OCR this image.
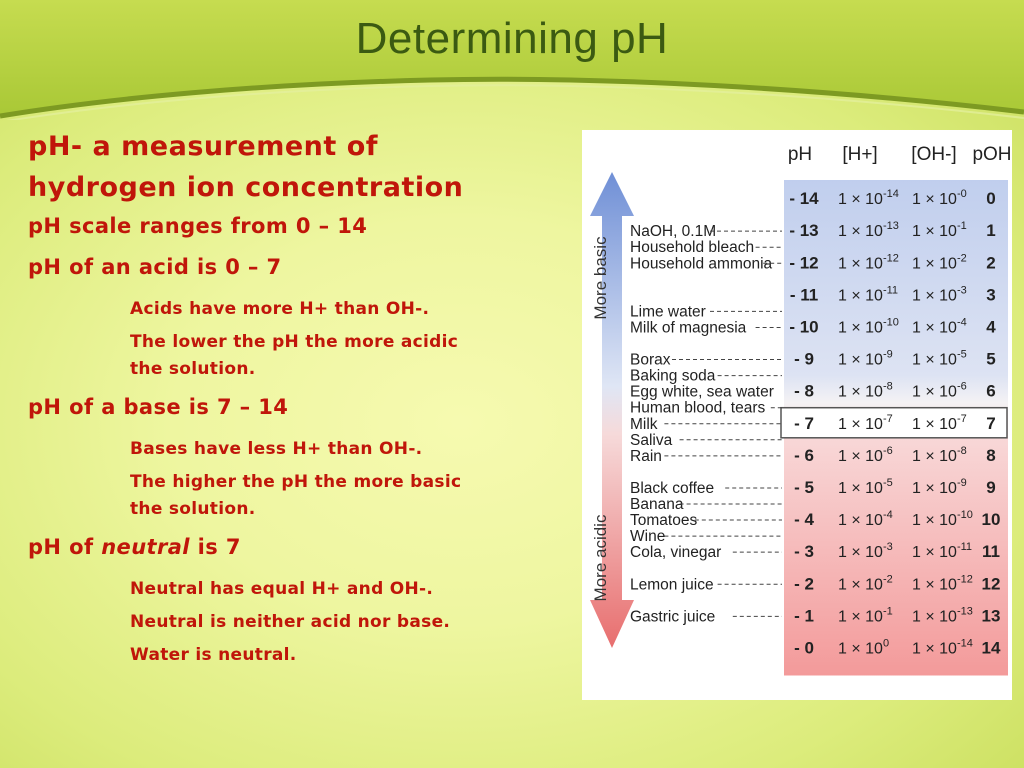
Determining pH
pH- a measurement of
hydrogen ion concentration
pH scale ranges from 0 – 14
pH of an acid is 0 – 7
Acids have more H+ than OH-.
The lower the pH the more acidic the solution.
pH of a base is 7 – 14
Bases have less H+ than OH-.
The higher the pH the more basic the solution.
pH of neutral is 7
Neutral has equal H+ and OH-.
Neutral is neither acid nor base.
Water is neutral.
pH [H+] [OH-] pOH
More basic
More acidic
- 14 $1 \times 10^{-14}$ $1 \times 10^{-0}$ 0
- 13 $1 \times 10^{-13}$ $1 \times 10^{-1}$ 1
- 12 $1 \times 10^{-12}$ $1 \times 10^{-2}$ 2
- 11 $1 \times 10^{-11}$ $1 \times 10^{-3}$ 3
- 10 $1 \times 10^{-10}$ $1 \times 10^{-4}$ 4
- 9 $1 \times 10^{-9}$ $1 \times 10^{-5}$ 5
- 8 $1 \times 10^{-8}$ $1 \times 10^{-6}$ 6
- 7 $1 \times 10^{-7}$ $1 \times 10^{-7}$ 7
- 6 $1 \times 10^{-6}$ $1 \times 10^{-8}$ 8
- 5 $1 \times 10^{-5}$ $1 \times 10^{-9}$ 9
- 4 $1 \times 10^{-4}$ $1 \times 10^{-10}$ 10
- 3 $1 \times 10^{-3}$ $1 \times 10^{-11}$ 11
- 2 $1 \times 10^{-2}$ $1 \times 10^{-12}$ 12
- 1 $1 \times 10^{-1}$ $1 \times 10^{-13}$ 13
- 0 $1 \times 10^0$ $1 \times 10^{-14}$ 14
NaOH, 0.1M
Household bleach
Household ammonia
Lime water
Milk of magnesia
Borax
Baking soda
Egg white, sea water
Human blood, tears
Milk
Saliva
Rain
Black coffee
Banana
Tomatoes
Wine
Cola, vinegar
Lemon juice
Gastric juice
